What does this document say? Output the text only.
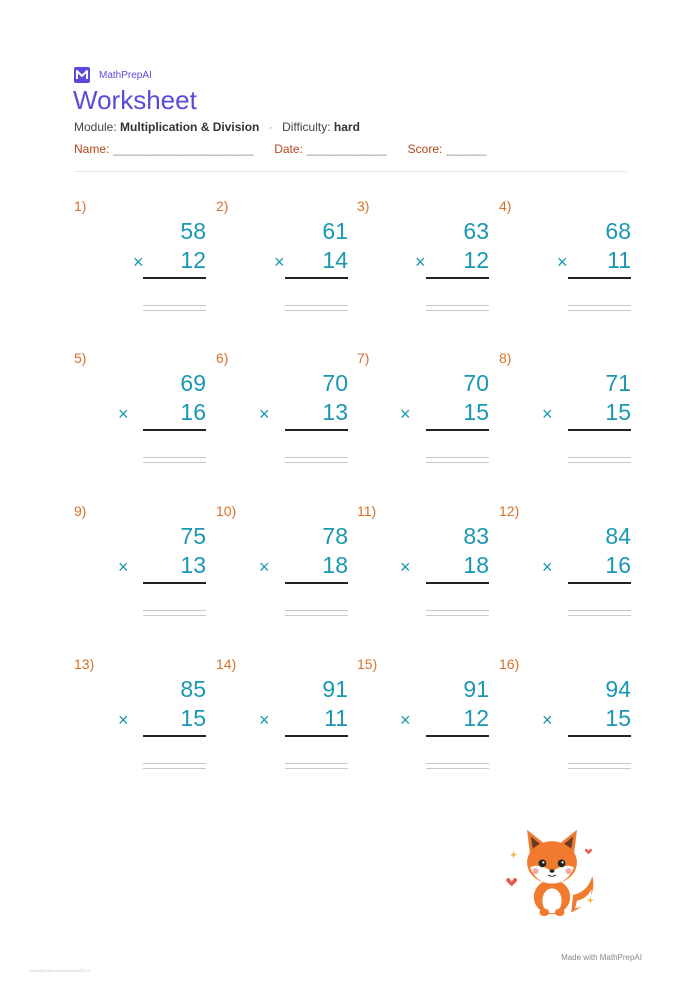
MathPrepAI
Worksheet
Module: Multiplication & Division · Difficulty: hard
Name: _____________________ Date: ____________ Score: ______
1)
58
× 12
2)
61
× 14
3)
63
× 12
4)
68
× 11
5)
69
× 16
6)
70
× 13
7)
70
× 15
8)
71
× 15
9)
75
× 13
10)
78
× 18
11)
83
× 18
12)
84
× 16
13)
85
× 15
14)
91
× 11
15)
91
× 12
16)
94
× 15
Made with MathPrepAI
#sa4f8f52f6e4a9f6a34f8b8e5f712
